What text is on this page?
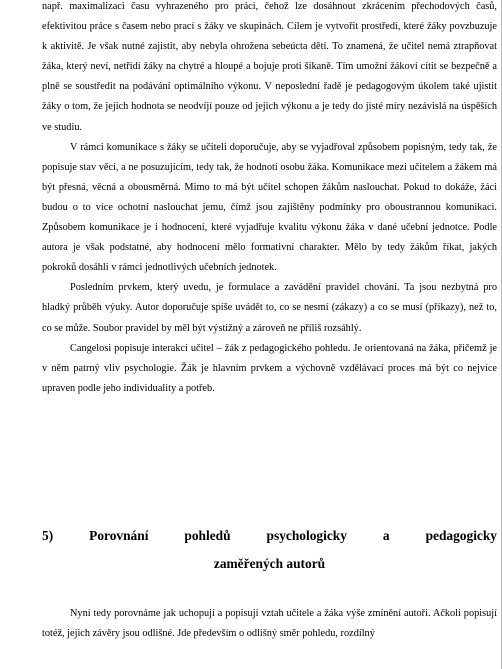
např. maximalizaci času vyhrazeného pro práci, čehož lze dosáhnout zkrácením přechodových časů, efektivitou práce s časem nebo prací s žáky ve skupinách. Cílem je vytvořit prostředí, které žáky povzbuzuje k aktivitě. Je však nutné zajistit, aby nebyla ohrožena sebeúcta dětí. To znamená, že učitel nemá ztrapňovat žáka, který neví, netřídí žáky na chytré a hloupé a bojuje proti šikaně. Tím umožní žákovi cítit se bezpečně a plně se soustředit na podávání optimálního výkonu. V neposlední řadě je pedagogovým úkolem také ujistit žáky o tom, že jejich hodnota se neodvíjí pouze od jejich výkonu a je tedy do jisté míry nezávislá na úspěších ve studiu.

V rámci komunikace s žáky se učiteli doporučuje, aby se vyjadřoval způsobem popisným, tedy tak, že popisuje stav věcí, a ne posuzujícím, tedy tak, že hodnotí osobu žáka. Komunikace mezi učitelem a žákem má být přesná, věcná a obousměrná. Mimo to má být učitel schopen žákům naslouchat. Pokud to dokáže, žáci budou o to více ochotní naslouchat jemu, čímž jsou zajištěny podmínky pro oboustrannou komunikaci. Způsobem komunikace je i hodnocení, které vyjadřuje kvalitu výkonu žáka v dané učební jednotce. Podle autora je však podstatné, aby hodnocení mělo formativní charakter. Mělo by tedy žákům říkat, jakých pokroků dosáhli v rámci jednotlivých učebních jednotek.

Posledním prvkem, který uvedu, je formulace a zavádění pravidel chování. Ta jsou nezbytná pro hladký průběh výuky. Autor doporučuje spíše uvádět to, co se nesmí (zákazy) a co se musí (příkazy), než to, co se může. Soubor pravidel by měl být výstižný a zároveň ne příliš rozsáhlý.

Cangelosi popisuje interakci učitel – žák z pedagogického pohledu. Je orientovaná na žáka, přičemž je v něm patrný vliv psychologie. Žák je hlavním prvkem a výchovně vzdělávací proces má být co nejvíce upraven podle jeho individuality a potřeb.

5) Porovnání pohledů psychologicky a pedagogicky
zaměřených autorů

Nyní tedy porovnáme jak uchopují a popisují vztah učitele a žáka výše zmínění autoři. Ačkoli popisují totéž, jejich závěry jsou odlišné. Jde především o odlišný směr pohledu, rozdílný
